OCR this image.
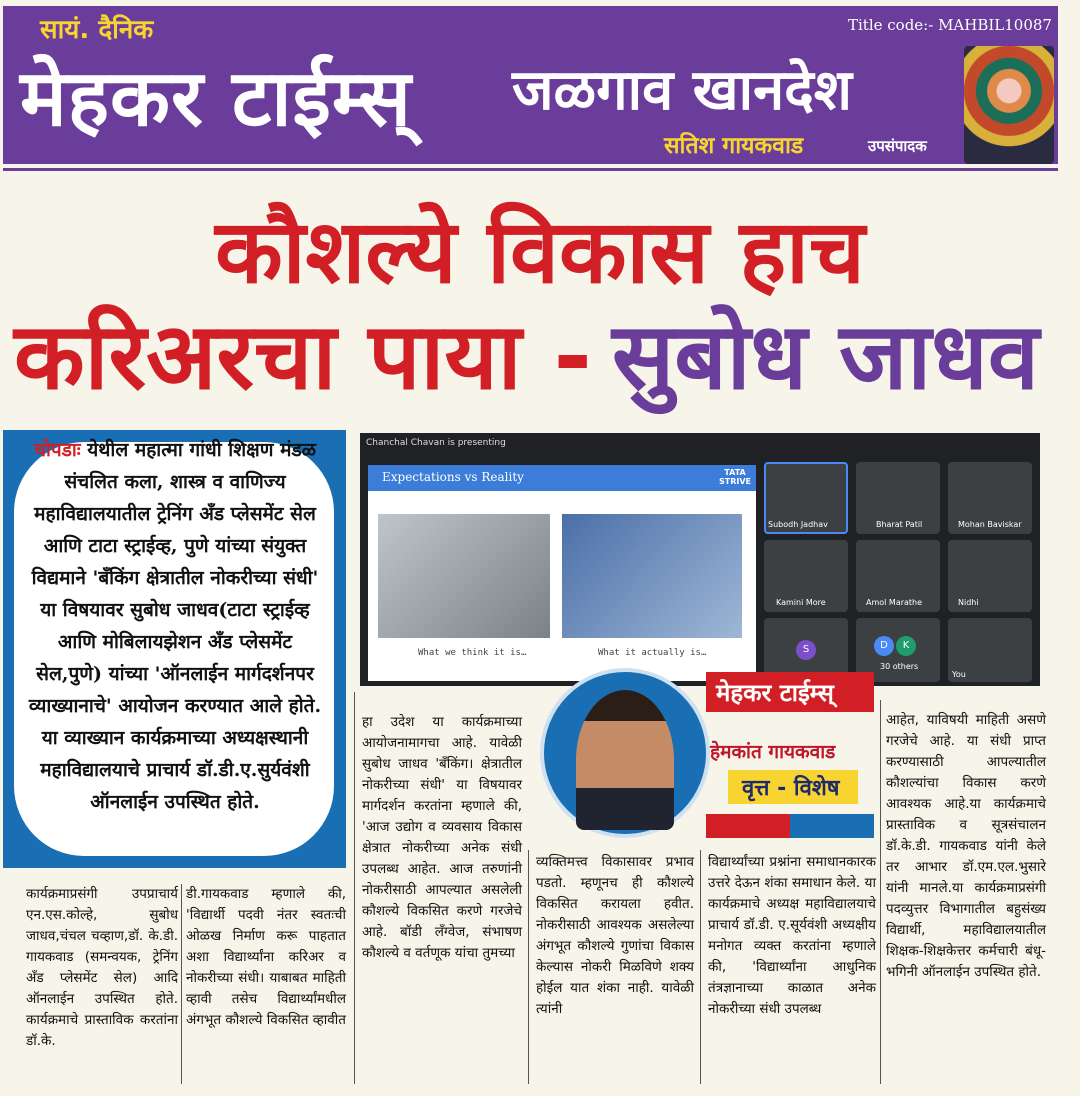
सायं. दैनिक
मेहकर टाईम्स् जळगाव खानदेश
Title code:- MAHBIL10087
सतिश गायकवाड	उपसंपादक
कौशल्ये विकास हाच
करिअरचा पाया - सुबोध जाधव
चोपडाः येथील महात्मा गांधी शिक्षण मंडळ संचलित कला, शास्त्र व वाणिज्य महाविद्यालयातील ट्रेनिंग अँड प्लेसमेंट सेल आणि टाटा स्ट्राईव्ह, पुणे यांच्या संयुक्त विद्यमाने 'बँकिंग क्षेत्रातील नोकरीच्या संधी' या विषयावर सुबोध जाधव(टाटा स्ट्राईव्ह आणि मोबिलायझेशन अँड प्लेसमेंट सेल,पुणे) यांच्या 'ऑनलाईन मार्गदर्शनपर व्याख्यानाचे' आयोजन करण्यात आले होते. या व्याख्यान कार्यक्रमाच्या अध्यक्षस्थानी महाविद्यालयाचे प्राचार्य डॉ.डी.ए.सुर्यवंशी ऑनलाईन उपस्थित होते.
Chanchal Chavan is presenting
Expectations vs Reality	TATA STRIVE
What we think it is…	What it actually is…
Subodh Jadhav	Bharat Patil	Mohan Baviskar
Kamini More	Amol Marathe	Nidhi
S	D	K
30 others
You
मेहकर टाईम्स्
हेमकांत गायकवाड
वृत्त - विशेष

कार्यक्रमाप्रसंगी उपप्राचार्य एन.एस.कोल्हे, सुबोध जाधव,चंचल चव्हाण,डॉ. के.डी. गायकवाड (समन्वयक, ट्रेनिंग अँड प्लेसमेंट सेल) आदि ऑनलाईन उपस्थित होते. कार्यक्रमाचे प्रास्ताविक करतांना डॉ.के.

डी.गायकवाड म्हणाले की, 'विद्यार्थी पदवी नंतर स्वतःची ओळख निर्माण करू पाहतात अशा विद्यार्थ्यांना करिअर व नोकरीच्या संधी। याबाबत माहिती व्हावी तसेच विद्यार्थ्यांमधील अंगभूत कौशल्ये विकसित व्हावीत

हा उदेश या कार्यक्रमाच्या आयोजनामागचा आहे. यावेळी सुबोध जाधव 'बँकिंग। क्षेत्रातील नोकरीच्या संधी' या विषयावर मार्गदर्शन करतांना म्हणाले की, 'आज उद्योग व व्यवसाय विकास क्षेत्रात नोकरीच्या अनेक संधी उपलब्ध आहेत. आज तरुणांनी नोकरीसाठी आपल्यात असलेली कौशल्ये विकसित करणे गरजेचे आहे. बॉडी लँग्वेज, संभाषण कौशल्ये व वर्तणूक यांचा तुमच्या

व्यक्तिमत्त्व विकासावर प्रभाव पडतो. म्हणूनच ही कौशल्ये विकसित करायला हवीत. नोकरीसाठी आवश्यक असलेल्या अंगभूत कौशल्ये गुणांचा विकास केल्यास नोकरी मिळविणे शक्य होईल यात शंका नाही. यावेळी त्यांनी

विद्यार्थ्यांच्या प्रश्नांना समाधानकारक उत्तरे देऊन शंका समाधान केले. या कार्यक्रमाचे अध्यक्ष महाविद्यालयाचे प्राचार्य डॉ.डी. ए.सूर्यवंशी अध्यक्षीय मनोगत व्यक्त करतांना म्हणाले की, 'विद्यार्थ्यांना आधुनिक तंत्रज्ञानाच्या काळात अनेक नोकरीच्या संधी उपलब्ध

आहेत, याविषयी माहिती असणे गरजेचे आहे. या संधी प्राप्त करण्यासाठी आपल्यातील कौशल्यांचा विकास करणे आवश्यक आहे.या कार्यक्रमाचे प्रास्ताविक व सूत्रसंचालन डॉ.के.डी. गायकवाड यांनी केले तर आभार डॉ.एम.एल.भुसारे यांनी मानले.या कार्यक्रमाप्रसंगी पदव्युत्तर विभागातील बहुसंख्य विद्यार्थी, महाविद्यालयातील शिक्षक-शिक्षकेत्तर कर्मचारी बंधू-भगिनी ऑनलाईन उपस्थित होते.
